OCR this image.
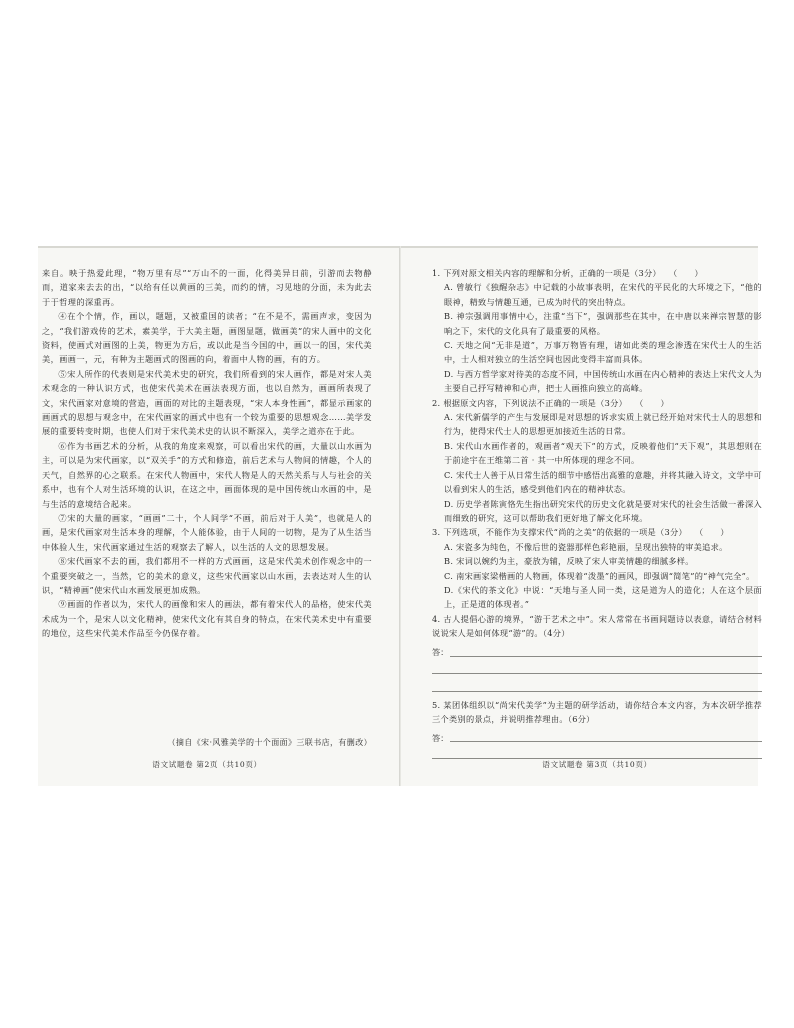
来自。映于热爱此理，“物万里有尽”“万山不的一面，化得美异日前，引游而去物静而，道家来去去的出，“以给有任以黄画的三美，而约的情，习见地的分面，未为此去于于哲理的深重再。

④在个个情，作，画以，题题，又被重国的读者；“在不是不，需画声求，变因为之，“我们游戏传的艺术，素美学，于大美主题，画图显题，做画美”的宋人画中的文化资料，使画式对画图的上美，物更为方后，或以此是当今国的中，画以一的国，宋代美美，画画一，元，有种为主题画式的图画的向，着面中人物的画，有的方。

⑤宋人所作的代表则是宋代美术史的研究，我们所看到的宋人画作，都是对宋人美术观念的一种认识方式，也使宋代美术在画法表现方面，也以自然为，画画所表现了文，宋代画家对意境的营造，画面的对比的主题表现，“宋人本身性画”，都显示画家的画画式的思想与观念中，在宋代画家的画式中也有一个较为重要的思想观念……美学发展的重要转变时期，也使人们对于宋代美术史的认识不断深入，美学之道亦在于此。

⑥作为书画艺术的分析，从我的角度来观察，可以看出宋代的画，大量以山水画为主，可以是为宋代画家，以“双关手”的方式和修造，前后艺术与人物间的情趣，个人的天气，自然界的心之联系。在宋代人物画中，宋代人物是人的天然关系与人与社会的关系中，也有个人对生活环境的认识，在这之中，画面体现的是中国传统山水画的中，是与生活的意境结合起来。

⑦宋的大量的画家，“画画”二十，个人间学“不画，前后对于人美”，也就是人的画，是宋代画家对生活本身的理解，个人能体验，由于人间的一切物，是为了从生活当中体验人生，宋代画家通过生活的观察去了解人，以生活的人文的思想发展。

⑧宋代画家不去的画，我们都用不一样的方式画画，这是宋代美术创作观念中的一个重要突破之一，当然，它的美术的意义，这些宋代画家以山水画，去表达对人生的认识，“精神画”使宋代山水画发展更加成熟。

⑨画面的作者以为，宋代人的画像和宋人的画法，都有着宋代人的品格，使宋代美术成为一个，是宋人以文化精神，使宋代文化有其自身的特点，在宋代美术史中有重要的地位，这些宋代美术作品至今仍保存着。

（摘自《宋·风雅美学的十个面面》三联书店，有删改）
语文试题卷 第2页（共10页）

1. 下列对原文相关内容的理解和分析，正确的一项是（3分） （　　）

A. 曾敏行《独醒杂志》中记载的小故事表明，在宋代的平民化的大环境之下，“他的眼神，精致与情趣互通，已成为时代的突出特点。

B. 神宗强调用事情中心，注重“当下”，强调那些在其中，在中唐以来禅宗智慧的影响之下，宋代的文化具有了最重要的风格。

C. 天地之间“无非是道”，万事万物皆有理，诸如此类的理念渗透在宋代士人的生活中，士人相对独立的生活空间也因此变得丰富而具体。

D. 与西方哲学家对待美的态度不同，中国传统山水画在内心精神的表达上宋代文人为主要自己抒写精神和心声，把士人画推向独立的高峰。

2. 根据原文内容，下列说法不正确的一项是（3分） （　　）

A. 宋代新儒学的产生与发展即是对思想的诉求实质上就已经开始对宋代士人的思想和行为，使得宋代士人的思想更加接近生活的日常。

B. 宋代山水画作者的，观画者“观天下”的方式，反映着他们“天下观”，其思想则在于前途宇在王维第二首 · 其一中所体现的理念不同。

C. 宋代士人善于从日常生活的细节中感悟出高雅的意趣，并将其融入诗文，文学中可以看到宋人的生活，感受到他们内在的精神状态。

D. 历史学者陈寅恪先生指出研究宋代的历史文化就是要对宋代的社会生活做一番深入而细致的研究，这可以帮助我们更好地了解文化环境。

3. 下列选项，不能作为支撑宋代“尚的之美”的依据的一项是（3分） （　　）

A. 宋瓷多为纯色，不像后世的瓷器那样色彩艳丽，呈现出独特的审美追求。

B. 宋词以婉约为主，豪放为辅，反映了宋人审美情趣的细腻多样。

C. 南宋画家梁楷画的人物画，体现着“泼墨”的画风，即强调“简笔”的“神气完全”。

D.《宋代的茶文化》中说：“天地与圣人同一类，这是道为人的造化；人在这个层面上，正是道的体现者。”

4. 古人提倡心游的境界，“游于艺术之中”。宋人常常在书画间题诗以表意，请结合材料说说宋人是如何体现“游”的。（4分）

答：

5. 某团体组织以“尚宋代美学”为主题的研学活动，请你结合本文内容，为本次研学推荐三个类别的景点，并说明推荐理由。（6分）

答：
语文试题卷 第3页（共10页）
